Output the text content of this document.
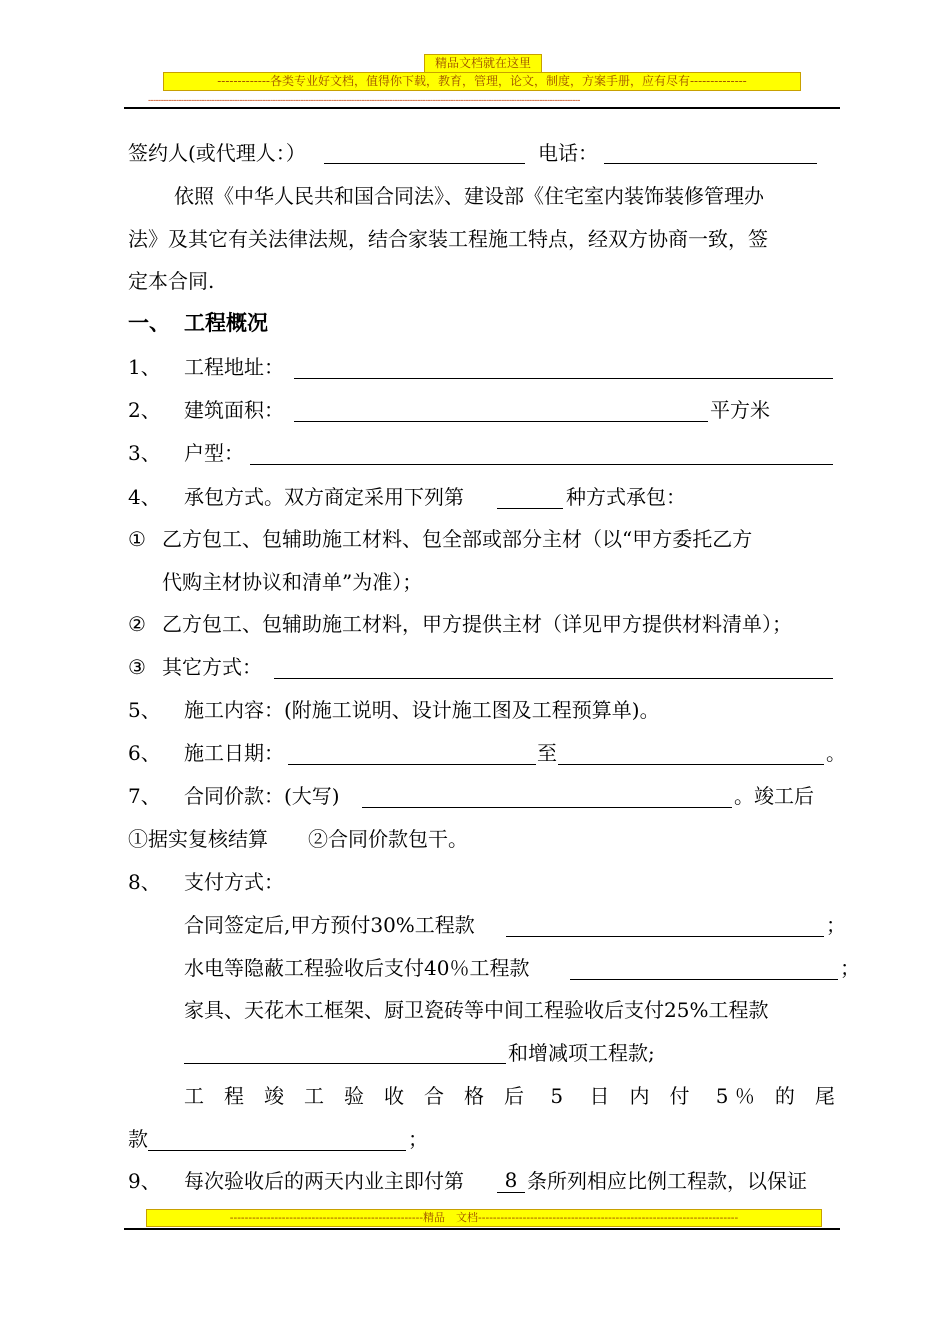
精品文档就在这里
-------------各类专业好文档，值得你下载，教育，管理，论文，制度，方案手册，应有尽有--------------
--------------------------------------------------------------------------------------------------------------------------------------------------------------------------
签约人(或代理人：）	电话：
依照《中华人民共和国合同法》、建设部《住宅室内装饰装修管理办
法》及其它有关法律法规，结合家装工程施工特点，经双方协商一致，签
定本合同.
一、 工程概况
1、 工程地址：
2、 建筑面积：	平方米
3、 户型：
4、 承包方式。双方商定采用下列第	种方式承包：
① 乙方包工、包辅助施工材料、包全部或部分主材（以“甲方委托乙方
代购主材协议和清单”为准）；
② 乙方包工、包辅助施工材料，甲方提供主材（详见甲方提供材料清单）；
③ 其它方式：
5、 施工内容：(附施工说明、设计施工图及工程预算单)。
6、 施工日期：	至	。
7、 合同价款：(大写)	。竣工后
①据实复核结算　　②合同价款包干。
8、 支付方式：
合同签定后,甲方预付30%工程款	；
水电等隐蔽工程验收后支付40％工程款	；
家具、天花木工框架、厨卫瓷砖等中间工程验收后支付25%工程款
和增减项工程款;
工　程　竣　工　验　收　合　格　后　 5 　日　内　付　 5 ％　的　尾
款	；
9、 每次验收后的两天内业主即付第	8 条所列相应比例工程款，以保证
----------------------------------------------------精品　文档----------------------------------------------------------------------
